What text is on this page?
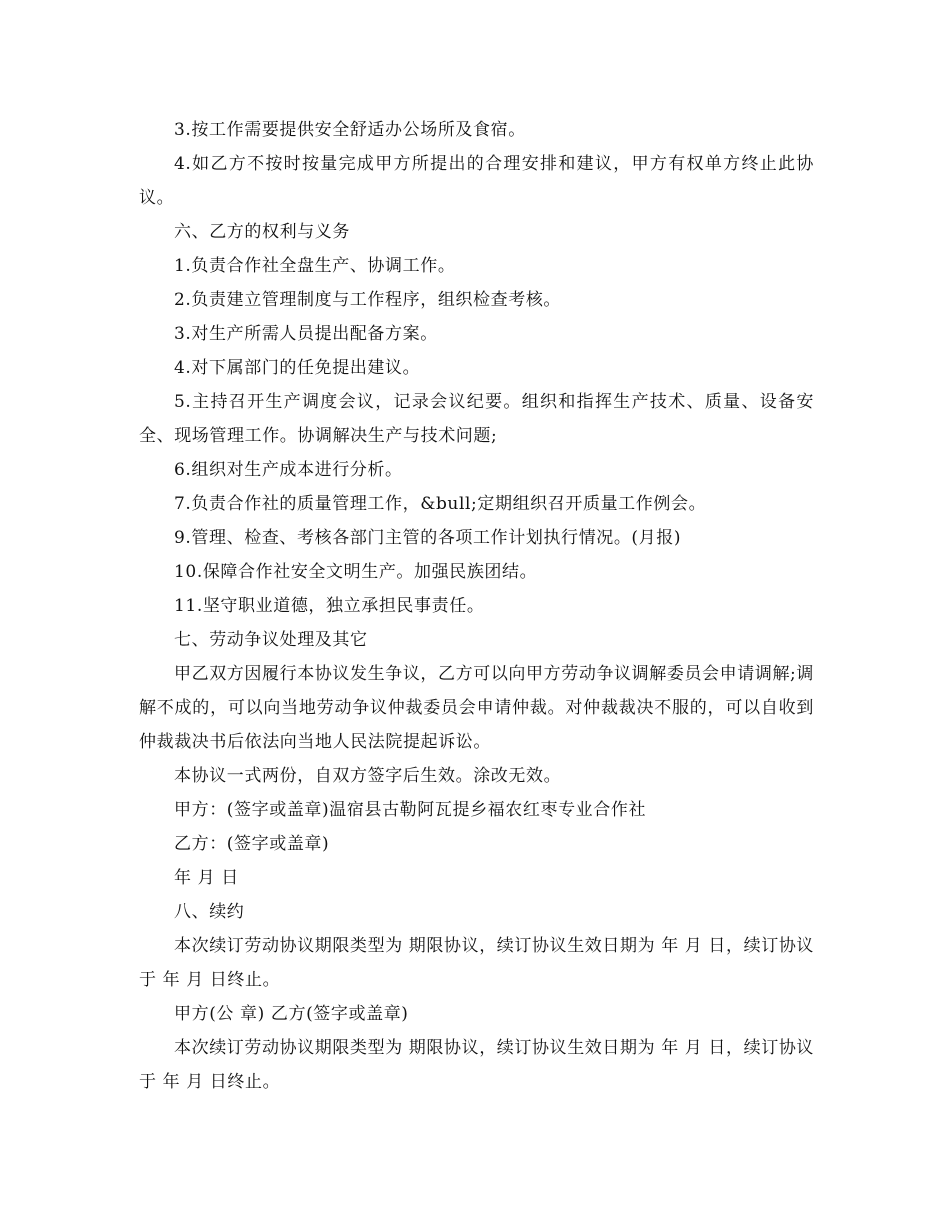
3.按工作需要提供安全舒适办公场所及食宿。

4.如乙方不按时按量完成甲方所提出的合理安排和建议，甲方有权单方终止此协议。

六、乙方的权利与义务

1.负责合作社全盘生产、协调工作。

2.负责建立管理制度与工作程序，组织检查考核。

3.对生产所需人员提出配备方案。

4.对下属部门的任免提出建议。

5.主持召开生产调度会议，记录会议纪要。组织和指挥生产技术、质量、设备安全、现场管理工作。协调解决生产与技术问题;

6.组织对生产成本进行分析。

7.负责合作社的质量管理工作，&bull;定期组织召开质量工作例会。

9.管理、检查、考核各部门主管的各项工作计划执行情况。(月报)

10.保障合作社安全文明生产。加强民族团结。

11.坚守职业道德，独立承担民事责任。

七、劳动争议处理及其它

甲乙双方因履行本协议发生争议，乙方可以向甲方劳动争议调解委员会申请调解;调解不成的，可以向当地劳动争议仲裁委员会申请仲裁。对仲裁裁决不服的，可以自收到仲裁裁决书后依法向当地人民法院提起诉讼。

本协议一式两份，自双方签字后生效。涂改无效。

甲方：(签字或盖章)温宿县古勒阿瓦提乡福农红枣专业合作社

乙方：(签字或盖章)

年 月 日

八、续约

本次续订劳动协议期限类型为 期限协议，续订协议生效日期为 年 月 日，续订协议于 年 月 日终止。

甲方(公 章) 乙方(签字或盖章)

本次续订劳动协议期限类型为 期限协议，续订协议生效日期为 年 月 日，续订协议于 年 月 日终止。
